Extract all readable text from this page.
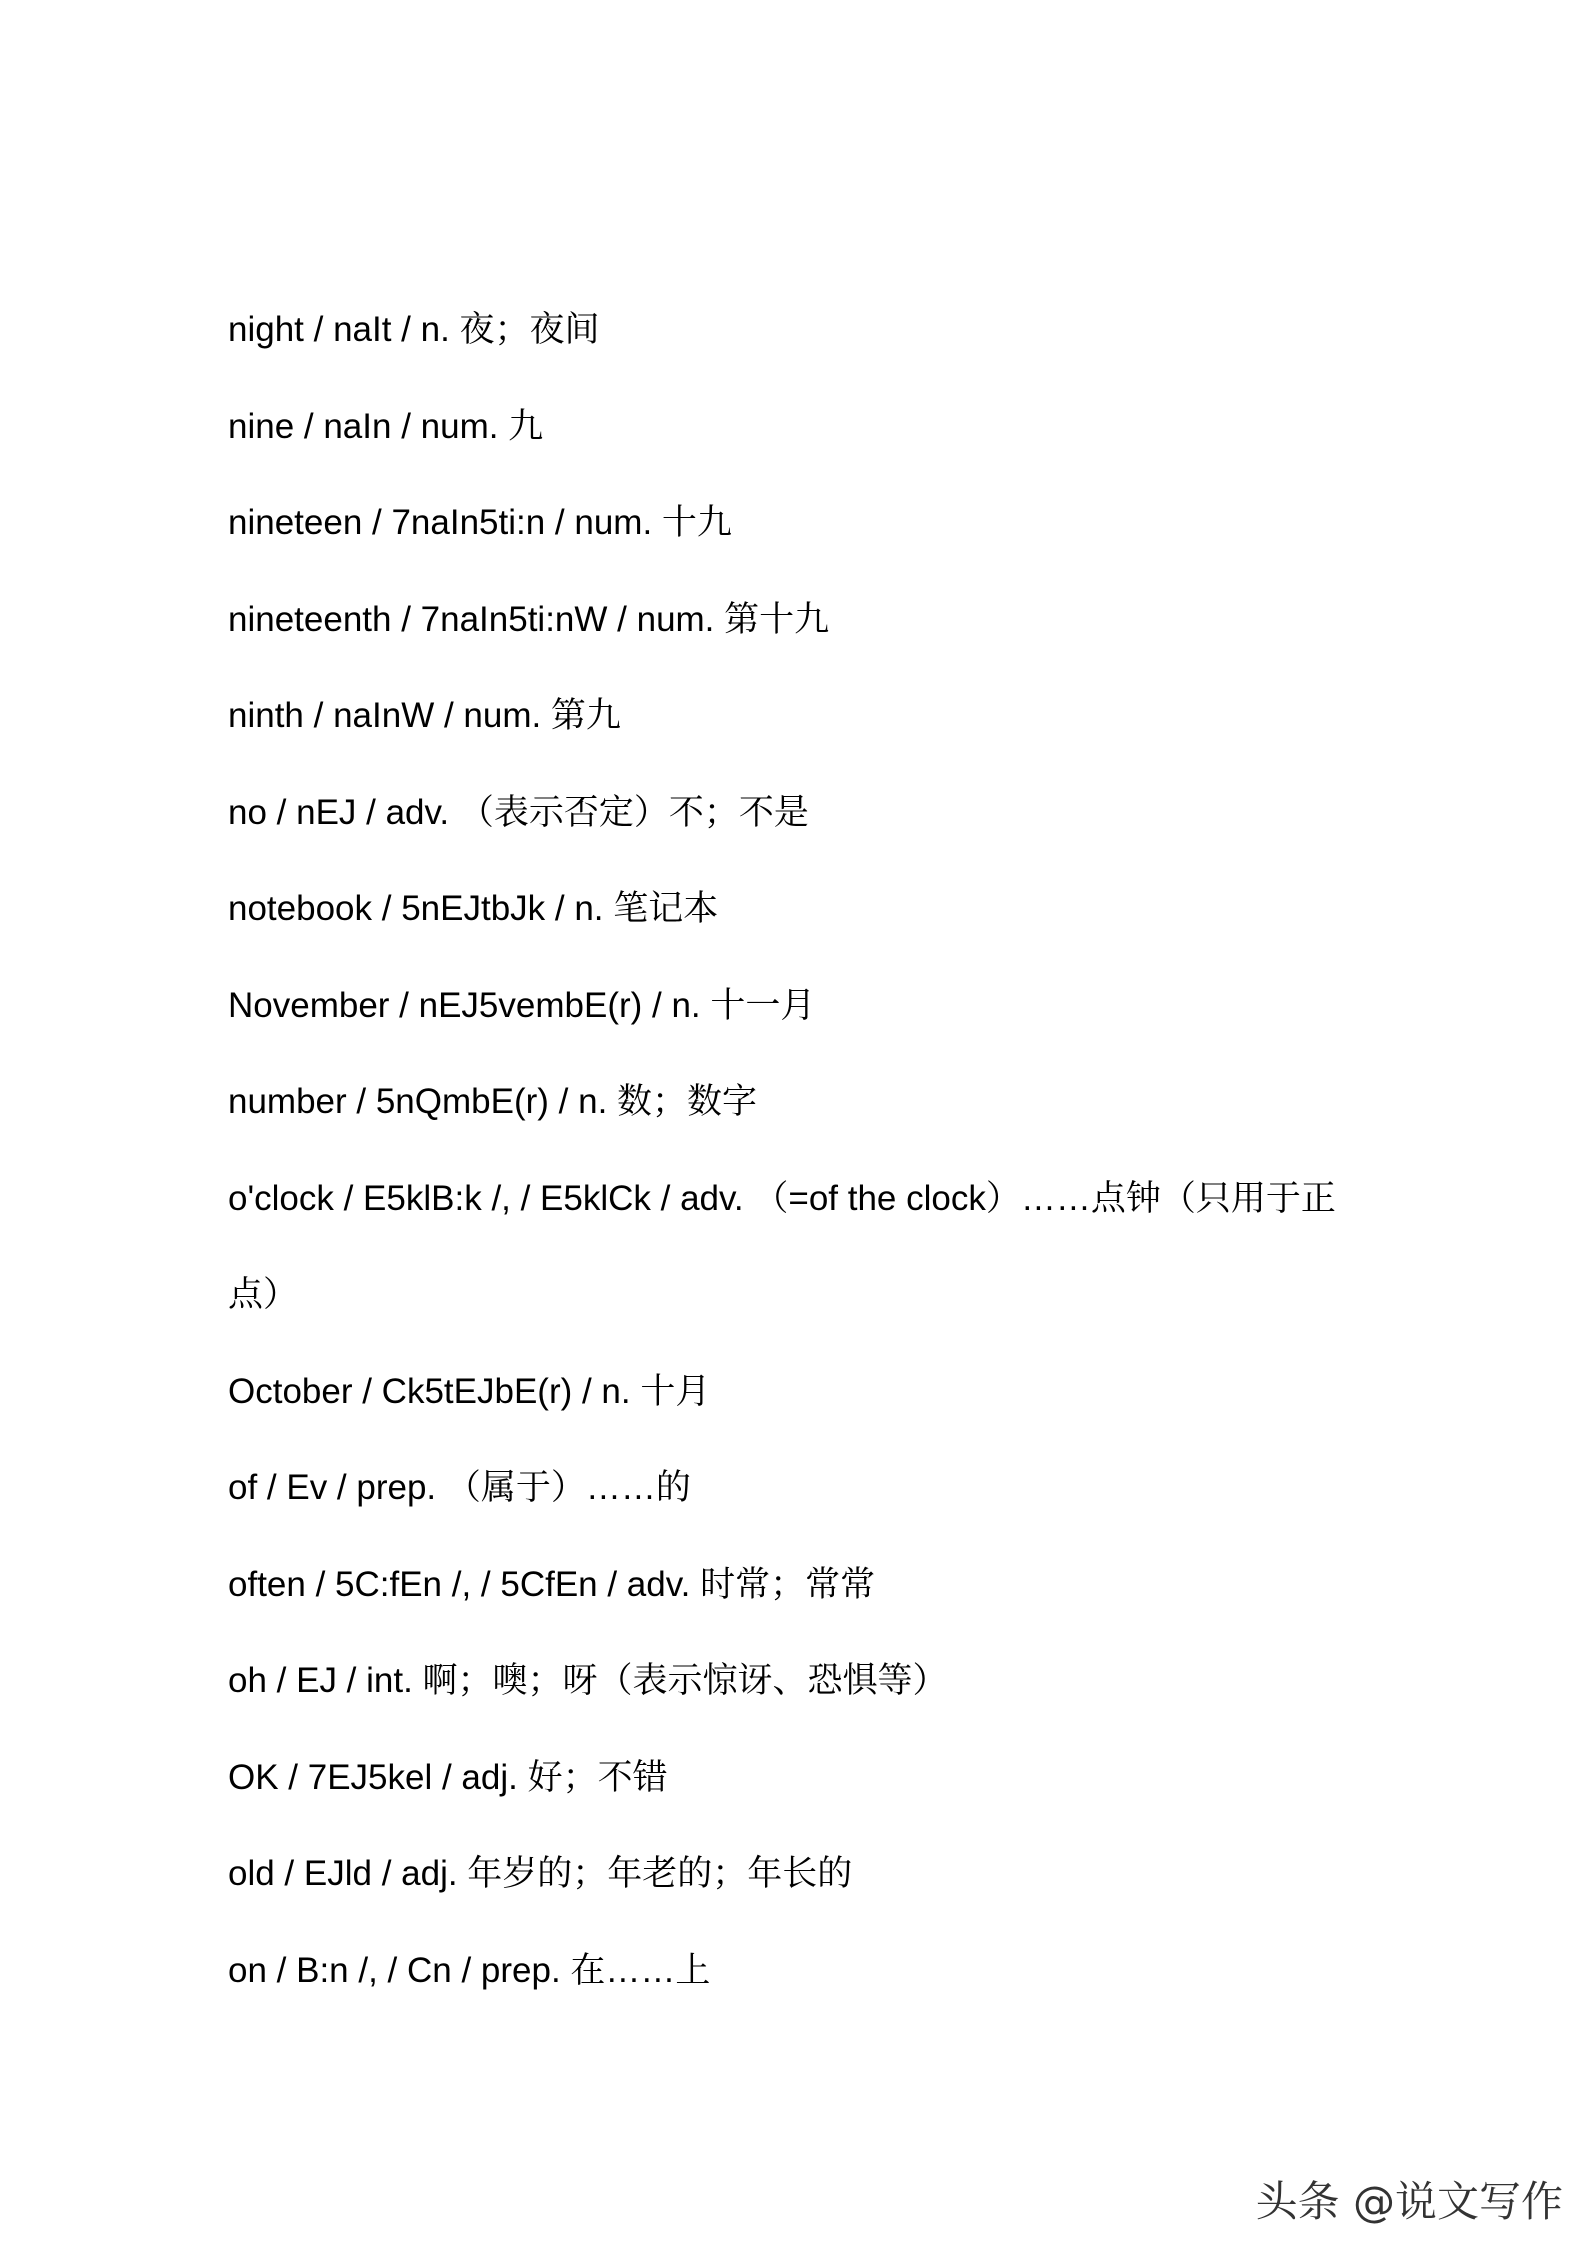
night / naIt / n. 夜；夜间
nine / naIn / num. 九
nineteen / 7naIn5ti:n / num. 十九
nineteenth / 7naIn5ti:nW / num. 第十九
ninth / naInW / num. 第九
no / nEJ / adv. （表示否定）不；不是
notebook / 5nEJtbJk / n. 笔记本
November / nEJ5vembE(r) / n. 十一月
number / 5nQmbE(r) / n. 数；数字
o'clock / E5klB:k /, / E5klCk / adv. （=of the clock）……点钟（只用于正点）
October / Ck5tEJbE(r) / n. 十月
of / Ev / prep. （属于）……的
often / 5C:fEn /, / 5CfEn / adv. 时常；常常
oh / EJ / int. 啊；噢；呀（表示惊讶、恐惧等）
OK / 7EJ5kel / adj. 好；不错
old / EJld / adj. 年岁的；年老的；年长的
on / B:n /, / Cn / prep. 在……上
头条 @说文写作
